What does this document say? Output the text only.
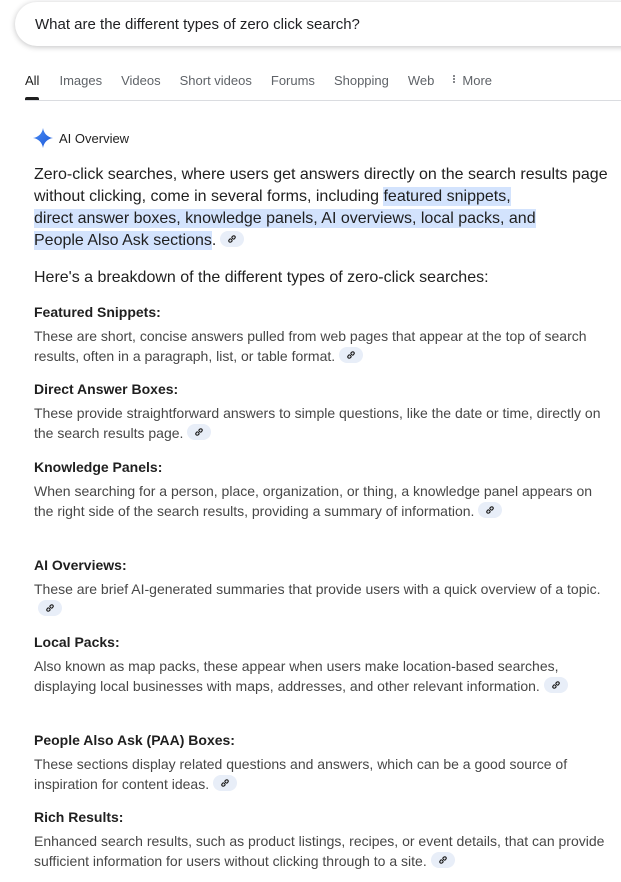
What are the different types of zero click search?
All Images Videos Short videos Forums Shopping Web	More
AI Overview
Zero-click searches, where users get answers directly on the search results page without clicking, come in several forms, including featured snippets,
direct answer boxes, knowledge panels, AI overviews, local packs, and
People Also Ask sections.
Here's a breakdown of the different types of zero-click searches:
Featured Snippets:
These are short, concise answers pulled from web pages that appear at the top of search results, often in a paragraph, list, or table format.
Direct Answer Boxes:
These provide straightforward answers to simple questions, like the date or time, directly on the search results page.
Knowledge Panels:
When searching for a person, place, organization, or thing, a knowledge panel appears on the right side of the search results, providing a summary of information.
AI Overviews:
These are brief AI-generated summaries that provide users with a quick overview of a topic.
Local Packs:
Also known as map packs, these appear when users make location-based searches, displaying local businesses with maps, addresses, and other relevant information.
People Also Ask (PAA) Boxes:
These sections display related questions and answers, which can be a good source of inspiration for content ideas.
Rich Results:
Enhanced search results, such as product listings, recipes, or event details, that can provide sufficient information for users without clicking through to a site.
